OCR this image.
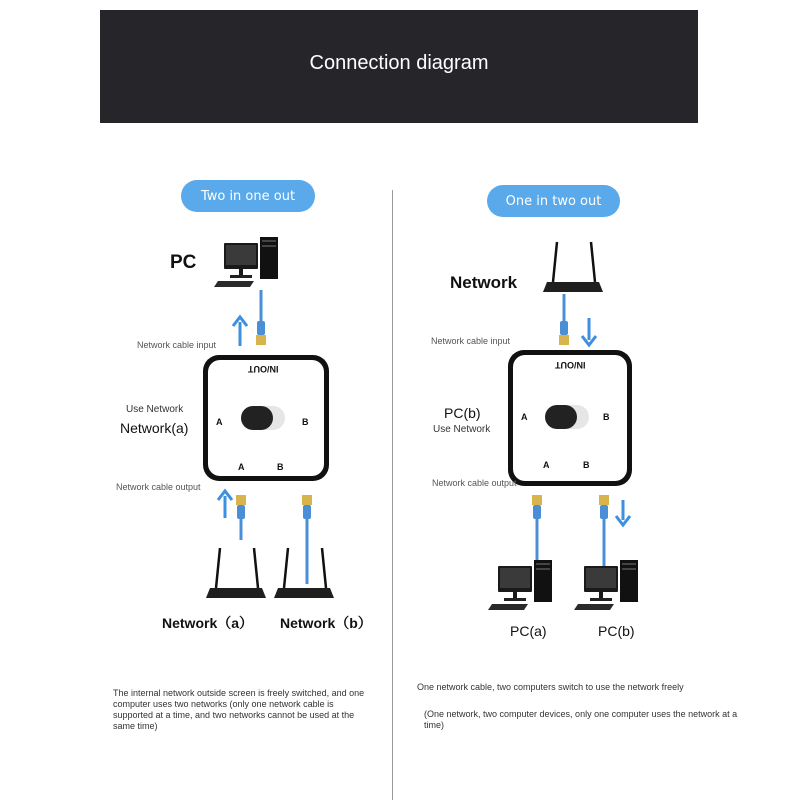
Connection diagram
Two in one out	One in two out
PC
Network cable input
IN/OUT
A	B
A	B
Use Network
Network(a)
Network cable output
Network（a） Network（b）
The internal network outside screen is freely switched, and one computer uses two networks (only one network cable is supported at a time, and two networks cannot be used at the same time)
Network
Network cable input
IN/OUT
A	B
A	B
PC(b)
Use Network
Network cable output
PC(a)	PC(b)
One network cable, two computers switch to use the network freely
(One network, two computer devices, only one computer uses the network at a time)
